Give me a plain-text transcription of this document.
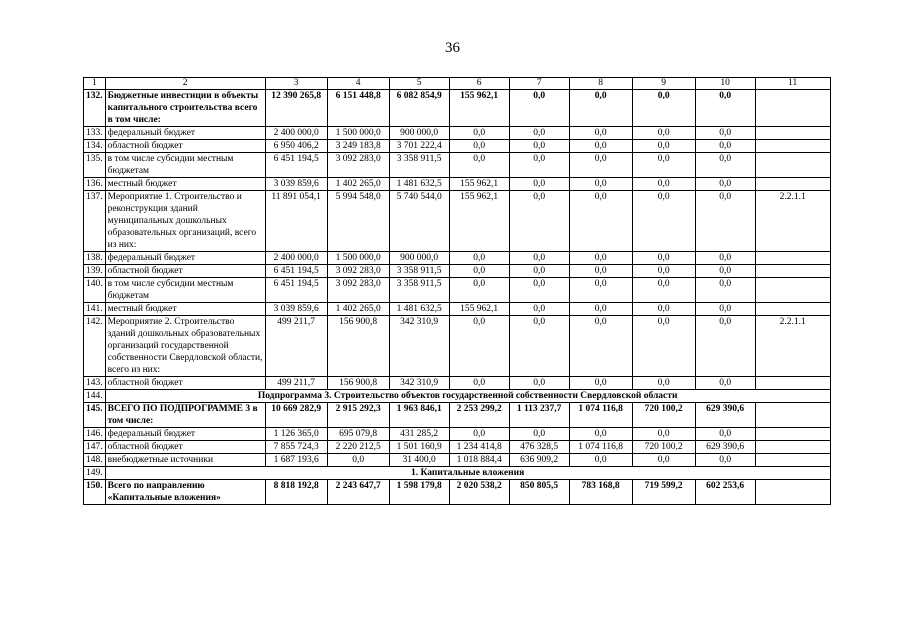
36
1	2	3	4	5	6	7	8	9	10	11
132.	Бюджетные инвестиции в объекты капитального строительства всего в том числе:	12 390 265,8	6 151 448,8	6 082 854,9	155 962,1	0,0	0,0	0,0	0,0	
133.	федеральный бюджет	2 400 000,0	1 500 000,0	900 000,0	0,0	0,0	0,0	0,0	0,0	
134.	областной бюджет	6 950 406,2	3 249 183,8	3 701 222,4	0,0	0,0	0,0	0,0	0,0	
135.	в том числе субсидии местным бюджетам	6 451 194,5	3 092 283,0	3 358 911,5	0,0	0,0	0,0	0,0	0,0	
136.	местный бюджет	3 039 859,6	1 402 265,0	1 481 632,5	155 962,1	0,0	0,0	0,0	0,0	
137.	Мероприятие 1. Строительство и реконструкция зданий муниципальных дошкольных образовательных организаций, всего из них:	11 891 054,1	5 994 548,0	5 740 544,0	155 962,1	0,0	0,0	0,0	0,0	2.2.1.1
138.	федеральный бюджет	2 400 000,0	1 500 000,0	900 000,0	0,0	0,0	0,0	0,0	0,0	
139.	областной бюджет	6 451 194,5	3 092 283,0	3 358 911,5	0,0	0,0	0,0	0,0	0,0	
140.	в том числе субсидии местным бюджетам	6 451 194,5	3 092 283,0	3 358 911,5	0,0	0,0	0,0	0,0	0,0	
141.	местный бюджет	3 039 859,6	1 402 265,0	1 481 632,5	155 962,1	0,0	0,0	0,0	0,0	
142.	Мероприятие 2. Строительство зданий дошкольных образовательных организаций государственной собственности Свердловской области, всего из них:	499 211,7	156 900,8	342 310,9	0,0	0,0	0,0	0,0	0,0	2.2.1.1
143.	областной бюджет	499 211,7	156 900,8	342 310,9	0,0	0,0	0,0	0,0	0,0	
144.	Подпрограмма 3. Строительство объектов государственной собственности Свердловской области									
145.	ВСЕГО ПО ПОДПРОГРАММЕ 3 в том числе:	10 669 282,9	2 915 292,3	1 963 846,1	2 253 299,2	1 113 237,7	1 074 116,8	720 100,2	629 390,6	
146.	федеральный бюджет	1 126 365,0	695 079,8	431 285,2	0,0	0,0	0,0	0,0	0,0	
147.	областной бюджет	7 855 724,3	2 220 212,5	1 501 160,9	1 234 414,8	476 328,5	1 074 116,8	720 100,2	629 390,6	
148.	внебюджетные источники	1 687 193,6	0,0	31 400,0	1 018 884,4	636 909,2	0,0	0,0	0,0	
149.	1. Капитальные вложения									
150.	Всего по направлению «Капитальные вложения»	8 818 192,8	2 243 647,7	1 598 179,8	2 020 538,2	850 805,5	783 168,8	719 599,2	602 253,6	
